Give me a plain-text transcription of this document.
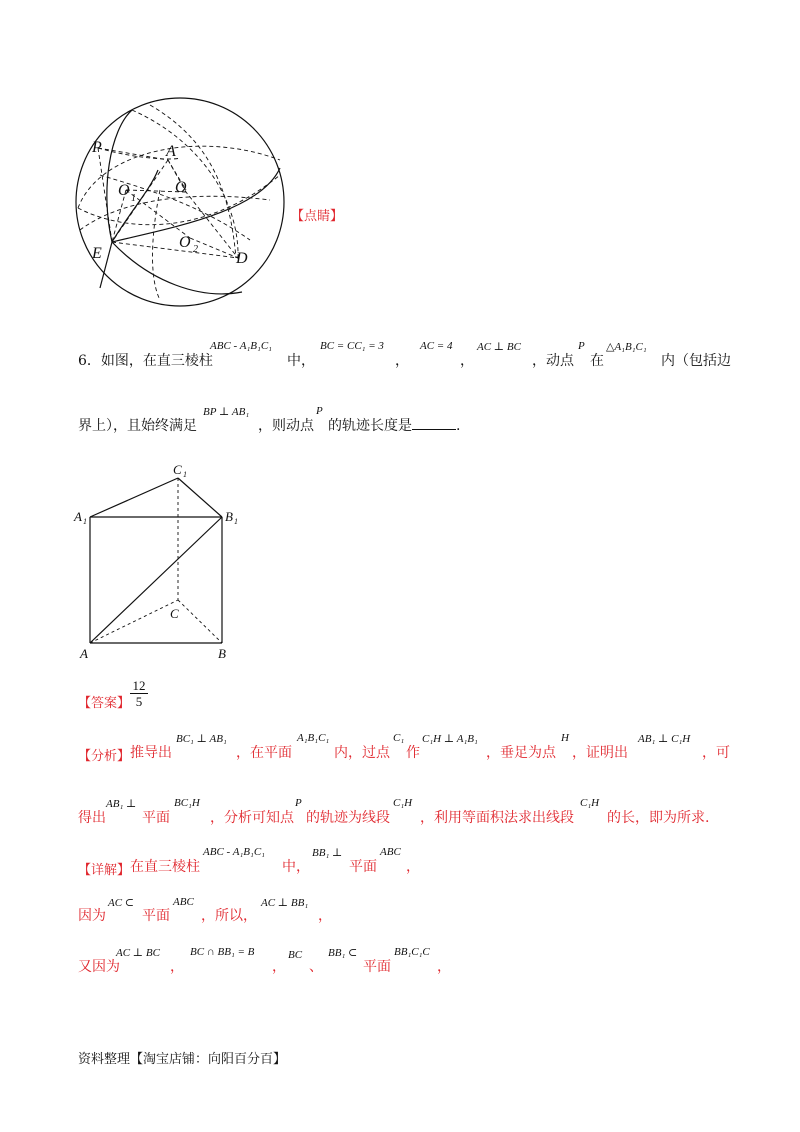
P	A
O 1
O
E
O 2
D
【点睛】
6．如图，在直三棱柱
ABC - A₁B₁C₁
中，
BC = CC₁ = 3
，
AC = 4
，
AC ⊥ BC
，动点
P
在
△A₁B₁C₁
内（包括边
界上），且始终满足
BP ⊥ AB₁
，则动点
P
的轨迹长度是	.
C 1
A 1	B 1
C
A	B
【答案】
12
5
【分析】 推导出
BC₁ ⊥ AB₁
，在平面
A₁B₁C₁
内，过点
C₁
作
C₁H ⊥ A₁B₁
，垂足为点
H
，证明出
AB₁ ⊥ C₁H
，可
得出
AB₁ ⊥
平面
BC₁H
，分析可知点
P
的轨迹为线段
C₁H
，利用等面积法求出线段
C₁H
的长，即为所求.
【详解】 在直三棱柱
ABC - A₁B₁C₁
中，
BB₁ ⊥
平面
ABC
，
因为
AC ⊂
平面
ABC
，所以，
AC ⊥ BB₁
，
又因为
AC ⊥ BC
，
BC ∩ BB₁ = B
，
BC
、
BB₁ ⊂
平面
BB₁C₁C
，
资料整理【淘宝店铺：向阳百分百】
